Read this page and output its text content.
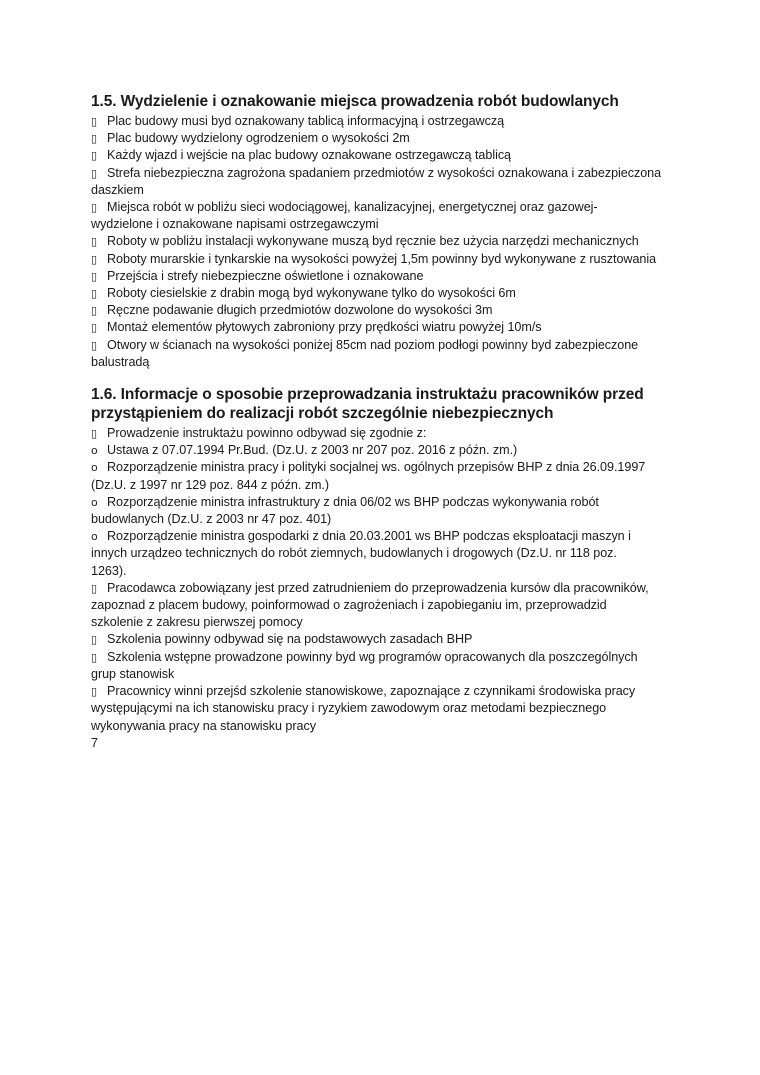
1.5. Wydzielenie i oznakowanie miejsca prowadzenia robót budowlanych

▯ Plac budowy musi byd oznakowany tablicą informacyjną i ostrzegawczą

▯ Plac budowy wydzielony ogrodzeniem o wysokości 2m

▯ Każdy wjazd i wejście na plac budowy oznakowane ostrzegawczą tablicą

▯ Strefa niebezpieczna zagrożona spadaniem przedmiotów z wysokości oznakowana i zabezpieczona

daszkiem

▯ Miejsca robót w pobliżu sieci wodociągowej, kanalizacyjnej, energetycznej oraz gazowej-

wydzielone i oznakowane napisami ostrzegawczymi

▯ Roboty w pobliżu instalacji wykonywane muszą byd ręcznie bez użycia narzędzi mechanicznych

▯ Roboty murarskie i tynkarskie na wysokości powyżej 1,5m powinny byd wykonywane z rusztowania

▯ Przejścia i strefy niebezpieczne oświetlone i oznakowane

▯ Roboty ciesielskie z drabin mogą byd wykonywane tylko do wysokości 6m

▯ Ręczne podawanie długich przedmiotów dozwolone do wysokości 3m

▯ Montaż elementów płytowych zabroniony przy prędkości wiatru powyżej 10m/s

▯ Otwory w ścianach na wysokości poniżej 85cm nad poziom podłogi powinny byd zabezpieczone

balustradą

1.6. Informacje o sposobie przeprowadzania instruktażu pracowników przed
przystąpieniem do realizacji robót szczególnie niebezpiecznych

▯ Prowadzenie instruktażu powinno odbywad się zgodnie z:

o Ustawa z 07.07.1994 Pr.Bud. (Dz.U. z 2003 nr 207 poz. 2016 z późn. zm.)

o Rozporządzenie ministra pracy i polityki socjalnej ws. ogólnych przepisów BHP z dnia 26.09.1997

(Dz.U. z 1997 nr 129 poz. 844 z późn. zm.)

o Rozporządzenie ministra infrastruktury z dnia 06/02 ws BHP podczas wykonywania robót

budowlanych (Dz.U. z 2003 nr 47 poz. 401)

o Rozporządzenie ministra gospodarki z dnia 20.03.2001 ws BHP podczas eksploatacji maszyn i

innych urządzeo technicznych do robót ziemnych, budowlanych i drogowych (Dz.U. nr 118 poz.

1263).

▯ Pracodawca zobowiązany jest przed zatrudnieniem do przeprowadzenia kursów dla pracowników,

zapoznad z placem budowy, poinformowad o zagrożeniach i zapobieganiu im, przeprowadzid

szkolenie z zakresu pierwszej pomocy

▯ Szkolenia powinny odbywad się na podstawowych zasadach BHP

▯ Szkolenia wstępne prowadzone powinny byd wg programów opracowanych dla poszczególnych

grup stanowisk

▯ Pracownicy winni przejśd szkolenie stanowiskowe, zapoznające z czynnikami środowiska pracy

występującymi na ich stanowisku pracy i ryzykiem zawodowym oraz metodami bezpiecznego

wykonywania pracy na stanowisku pracy

7
